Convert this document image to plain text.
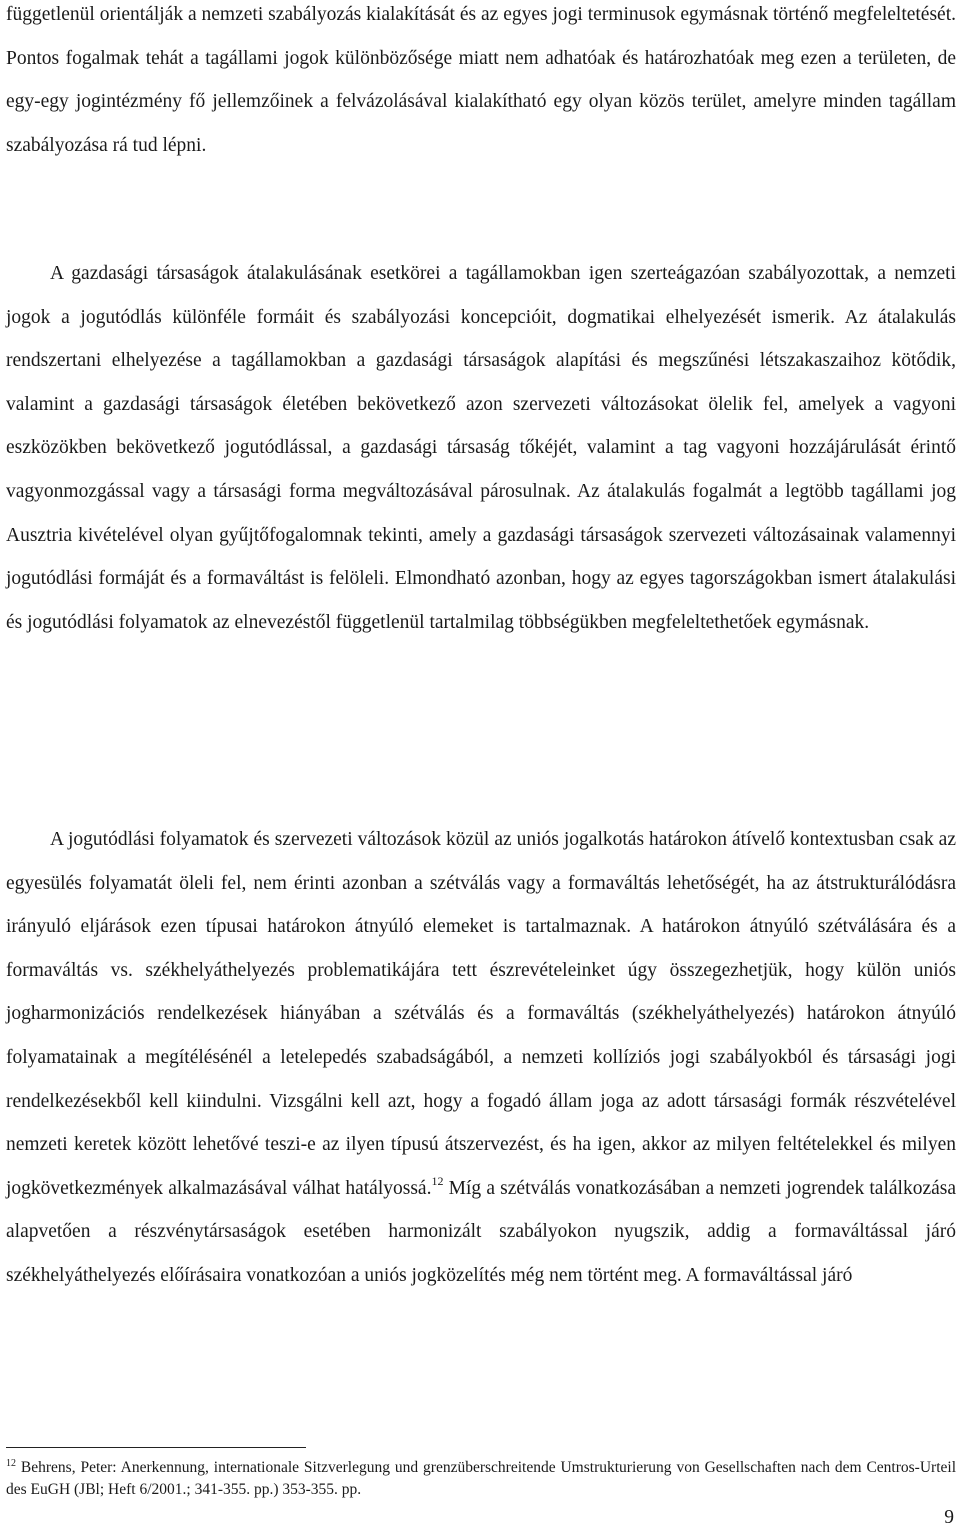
függetlenül orientálják a nemzeti szabályozás kialakítását és az egyes jogi terminusok egymásnak történő megfeleltetését. Pontos fogalmak tehát a tagállami jogok különbözősége miatt nem adhatóak és határozhatóak meg ezen a területen, de egy-egy jogintézmény fő jellemzőinek a felvázolásával kialakítható egy olyan közös terület, amelyre minden tagállam szabályozása rá tud lépni.

A gazdasági társaságok átalakulásának esetkörei a tagállamokban igen szerteágazóan szabályozottak, a nemzeti jogok a jogutódlás különféle formáit és szabályozási koncepcióit, dogmatikai elhelyezését ismerik. Az átalakulás rendszertani elhelyezése a tagállamokban a gazdasági társaságok alapítási és megszűnési létszakaszaihoz kötődik, valamint a gazdasági társaságok életében bekövetkező azon szervezeti változásokat ölelik fel, amelyek a vagyoni eszközökben bekövetkező jogutódlással, a gazdasági társaság tőkéjét, valamint a tag vagyoni hozzájárulását érintő vagyonmozgással vagy a társasági forma megváltozásával párosulnak. Az átalakulás fogalmát a legtöbb tagállami jog Ausztria kivételével olyan gyűjtőfogalomnak tekinti, amely a gazdasági társaságok szervezeti változásainak valamennyi jogutódlási formáját és a formaváltást is felöleli. Elmondható azonban, hogy az egyes tagországokban ismert átalakulási és jogutódlási folyamatok az elnevezéstől függetlenül tartalmilag többségükben megfeleltethetőek egymásnak.

A jogutódlási folyamatok és szervezeti változások közül az uniós jogalkotás határokon átívelő kontextusban csak az egyesülés folyamatát öleli fel, nem érinti azonban a szétválás vagy a formaváltás lehetőségét, ha az átstrukturálódásra irányuló eljárások ezen típusai határokon átnyúló elemeket is tartalmaznak. A határokon átnyúló szétválására és a formaváltás vs. székhelyáthelyezés problematikájára tett észrevételeinket úgy összegezhetjük, hogy külön uniós jogharmonizációs rendelkezések hiányában a szétválás és a formaváltás (székhelyáthelyezés) határokon átnyúló folyamatainak a megítélésénél a letelepedés szabadságából, a nemzeti kollíziós jogi szabályokból és társasági jogi rendelkezésekből kell kiindulni. Vizsgálni kell azt, hogy a fogadó állam joga az adott társasági formák részvételével nemzeti keretek között lehetővé teszi-e az ilyen típusú átszervezést, és ha igen, akkor az milyen feltételekkel és milyen jogkövetkezmények alkalmazásával válhat hatályossá.$^{12}$ Míg a szétválás vonatkozásában a nemzeti jogrendek találkozása alapvetően a részvénytársaságok esetében harmonizált szabályokon nyugszik, addig a formaváltással járó székhelyáthelyezés előírásaira vonatkozóan a uniós jogközelítés még nem történt meg. A formaváltással járó

$^{12}$ Behrens, Peter: Anerkennung, internationale Sitzverlegung und grenzüberschreitende Umstrukturierung von Gesellschaften nach dem Centros-Urteil des EuGH (JBl; Heft 6/2001.; 341-355. pp.) 353-355. pp.

9
